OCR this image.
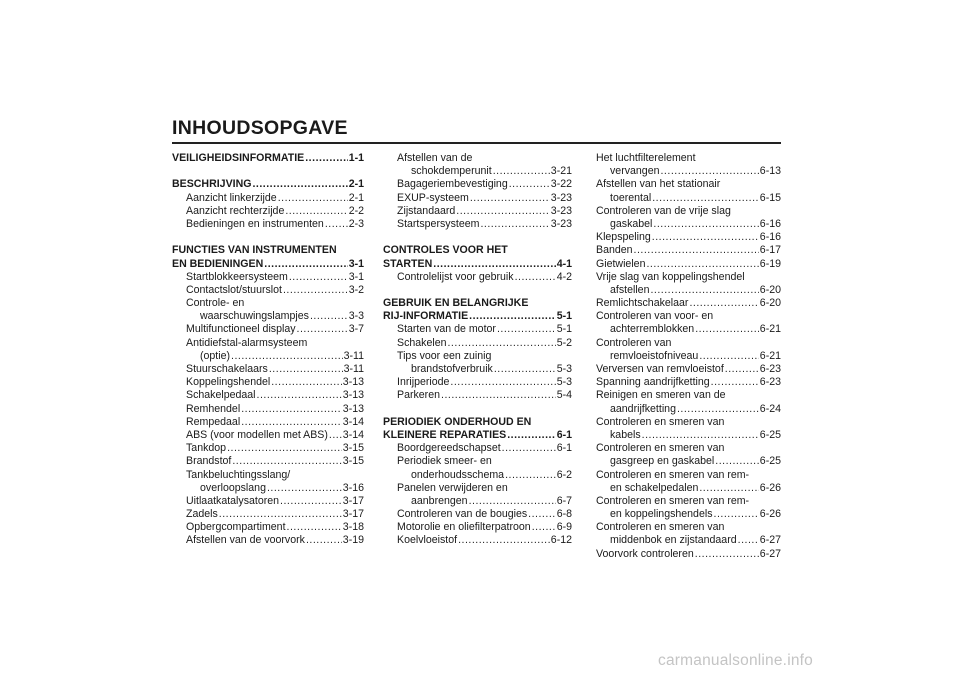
INHOUDSOPGAVE
VEILIGHEIDSINFORMATIE .....	1-1
BESCHRIJVING .....	2-1
Aanzicht linkerzijde .....	2-1
Aanzicht rechterzijde .....	2-2
Bedieningen en instrumenten ..... 2-3
FUNCTIES VAN INSTRUMENTEN
EN BEDIENINGEN .....	3-1
Startblokkeersysteem .....	3-1
Contactslot/stuurslot .....	3-2
Controle- en
waarschuwingslampjes .....	3-3
Multifunctioneel display .....	3-7
Antidiefstal-alarmsysteem
(optie) .....	3-11
Stuurschakelaars .....	3-11
Koppelingshendel .....	3-13
Schakelpedaal .....	3-13
Remhendel .....	3-13
Rempedaal .....	3-14
ABS (voor modellen met ABS) ..... 3-14
Tankdop .....	3-15
Brandstof .....	3-15
Tankbeluchtingsslang/
overloopslang .....	3-16
Uitlaatkatalysatoren .....	3-17
Zadels .....	3-17
Opbergcompartiment .....	3-18
Afstellen van de voorvork .....	3-19
Afstellen van de
schokdemperunit .....	3-21
Bagageriembevestiging .....	3-22
EXUP-systeem .....	3-23
Zijstandaard .....	3-23
Startspersysteem .....	3-23
CONTROLES VOOR HET
STARTEN .....	4-1
Controlelijst voor gebruik .....	4-2
GEBRUIK EN BELANGRIJKE
RIJ-INFORMATIE .....	5-1
Starten van de motor .....	5-1
Schakelen .....	5-2
Tips voor een zuinig
brandstofverbruik .....	5-3
Inrijperiode .....	5-3
Parkeren .....	5-4
PERIODIEK ONDERHOUD EN
KLEINERE REPARATIES .....	6-1
Boordgereedschapset .....	6-1
Periodiek smeer- en
onderhoudsschema .....	6-2
Panelen verwijderen en
aanbrengen .....	6-7
Controleren van de bougies .....	6-8
Motorolie en oliefilterpatroon ..... 6-9
Koelvloeistof .....	6-12
Het luchtfilterelement
vervangen .....	6-13
Afstellen van het stationair
toerental .....	6-15
Controleren van de vrije slag
gaskabel .....	6-16
Klepspeling .....	6-16
Banden .....	6-17
Gietwielen .....	6-19
Vrije slag van koppelingshendel
afstellen .....	6-20
Remlichtschakelaar .....	6-20
Controleren van voor- en
achterremblokken .....	6-21
Controleren van
remvloeistofniveau .....	6-21
Verversen van remvloeistof .....	6-23
Spanning aandrijfketting .....	6-23
Reinigen en smeren van de
aandrijfketting .....	6-24
Controleren en smeren van
kabels .....	6-25
Controleren en smeren van
gasgreep en gaskabel .....	6-25
Controleren en smeren van rem-
en schakelpedalen .....	6-26
Controleren en smeren van rem-
en koppelingshendels .....	6-26
Controleren en smeren van
middenbok en zijstandaard ..... 6-27
Voorvork controleren .....	6-27
carmanualsonline.info
